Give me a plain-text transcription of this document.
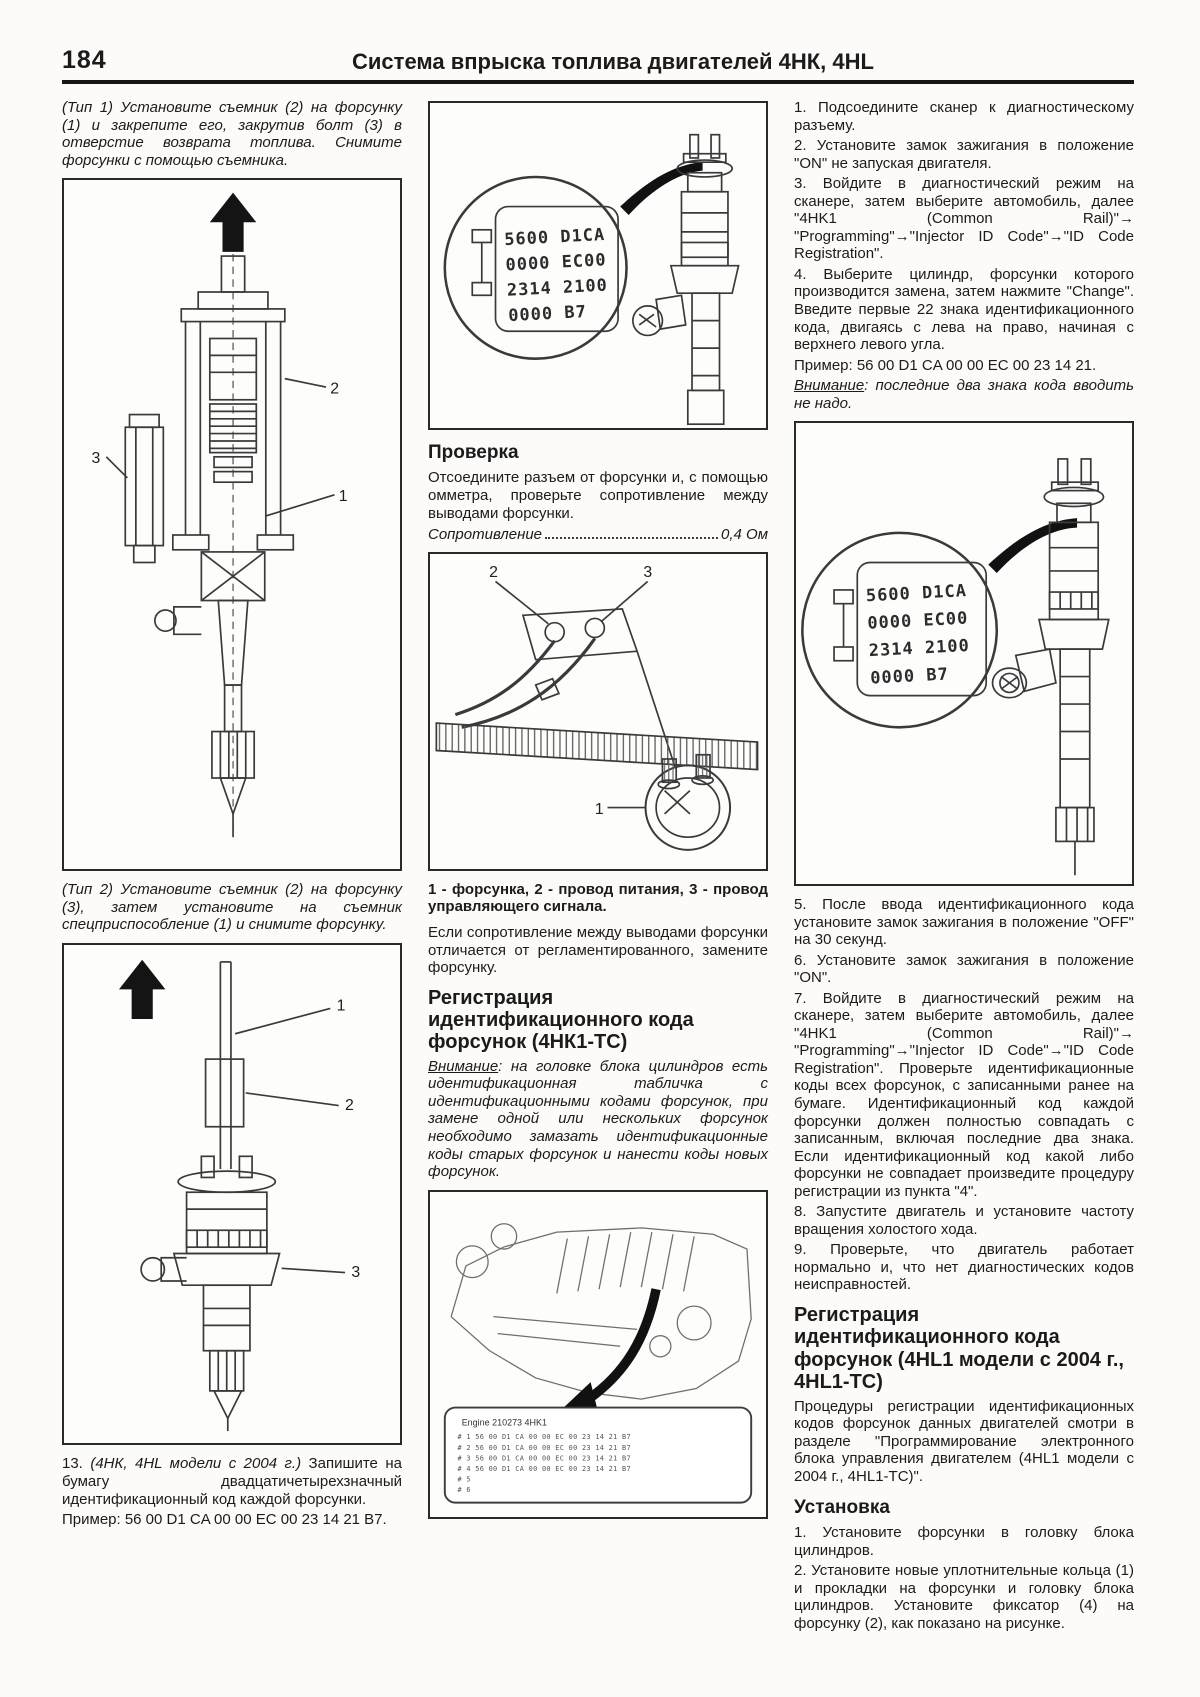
184	Система впрыска топлива двигателей 4НК, 4HL

(Тип 1) Установите съемник (2) на форсунку (1) и закрепите его, закрутив болт (3) в отверстие возврата топлива. Снимите форсунки с помощью съемника.

3
2
1

(Тип 2) Установите съемник (2) на форсунку (3), затем установите на съемник спецприспособление (1) и снимите форсунку.

1
2
3

13. (4НК, 4HL модели с 2004 г.) Запишите на бумагу двадцатичетырехзначный идентификационный код каждой форсунки.

Пример: 56 00 D1 CA 00 00 EC 00 23 14 21 В7.

5600 D1CA
0000 EC00
2314 2100
0000 B7
Проверка

Отсоедините разъем от форсунки и, с помощью омметра, проверьте сопротивление между выводами форсунки.

Сопротивление	0,4 Ом
2	3
1

1 - форсунка, 2 - провод питания, 3 - провод управляющего сигнала.

Если сопротивление между выводами форсунки отличается от регламентированного, замените форсунку.

Регистрация идентификационного кода форсунок (4НК1-ТС)

Внимание: на головке блока цилиндров есть идентификационная табличка с идентификационными кодами форсунок, при замене одной или нескольких форсунок необходимо замазать идентификационные коды старых форсунок и нанести коды новых форсунок.

Engine 210273 4HK1
# 1 56 00 D1 CA 00 00 EC 00 23 14 21 B7
# 2 56 00 D1 CA 00 00 EC 00 23 14 21 B7
# 3 56 00 D1 CA 00 00 EC 00 23 14 21 B7
# 4 56 00 D1 CA 00 00 EC 00 23 14 21 B7
# 5
# 6

1. Подсоедините сканер к диагностическому разъему.

2. Установите замок зажигания в положение "ON" не запуская двигателя.

3. Войдите в диагностический режим на сканере, затем выберите автомобиль, далее "4HK1 (Common Rail)"→ "Programming"→"Injector ID Code"→"ID Code Registration".

4. Выберите цилиндр, форсунки которого производится замена, затем нажмите "Change". Введите первые 22 знака идентификационного кода, двигаясь с лева на право, начиная с верхнего левого угла.

Пример: 56 00 D1 CA 00 00 EC 00 23 14 21.

Внимание: последние два знака кода вводить не надо.

5600 D1CA
0000 EC00
2314 2100
0000 B7

5. После ввода идентификационного кода установите замок зажигания в положение "OFF" на 30 секунд.

6. Установите замок зажигания в положение "ON".

7. Войдите в диагностический режим на сканере, затем выберите автомобиль, далее "4HK1 (Common Rail)"→ "Programming"→"Injector ID Code"→"ID Code Registration". Проверьте идентификационные коды всех форсунок, с записанными ранее на бумаге. Идентификационный код каждой форсунки должен полностью совпадать с записанным, включая последние два знака. Если идентификационный код какой либо форсунки не совпадает произведите процедуру регистрации из пункта "4".

8. Запустите двигатель и установите частоту вращения холостого хода.

9. Проверьте, что двигатель работает нормально и, что нет диагностических кодов неисправностей.

Регистрация идентификационного кода форсунок (4HL1 модели с 2004 г., 4HL1-TC)

Процедуры регистрации идентификационных кодов форсунок данных двигателей смотри в разделе "Программирование электронного блока управления двигателем (4HL1 модели с 2004 г., 4HL1-TC)".

Установка

1. Установите форсунки в головку блока цилиндров.

2. Установите новые уплотнительные кольца (1) и прокладки на форсунки и головку блока цилиндров. Установите фиксатор (4) на форсунку (2), как показано на рисунке.
